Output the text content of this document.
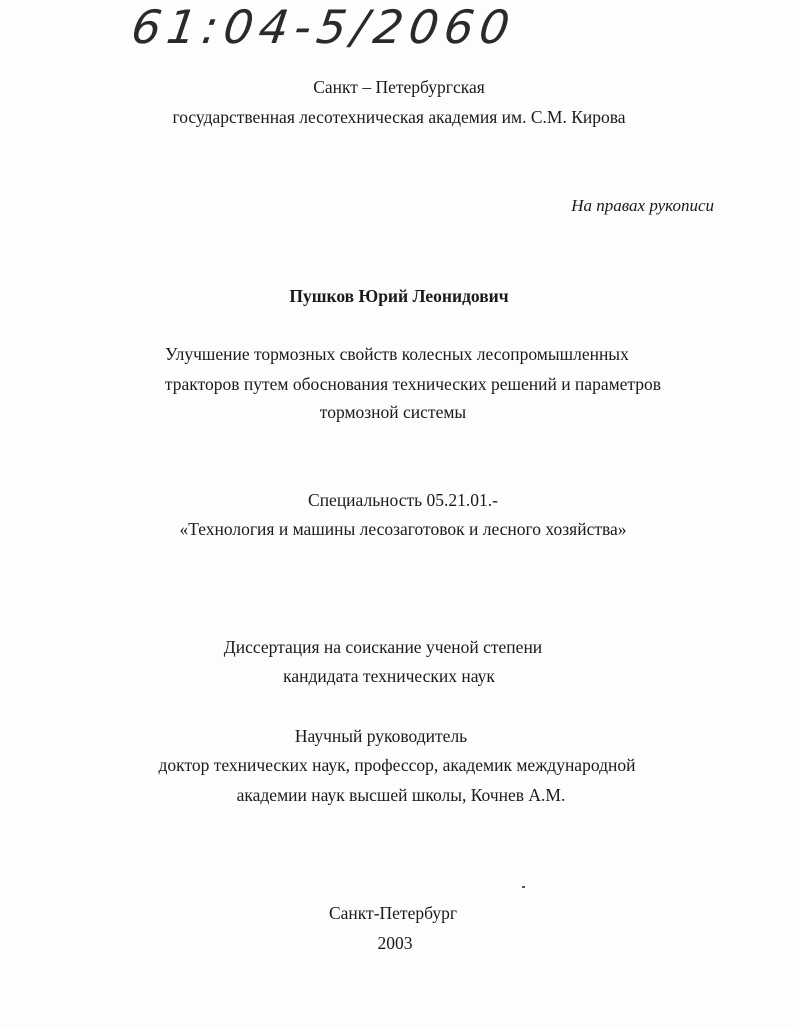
61:04-5/2060
Санкт – Петербургская
государственная лесотехническая академия им. С.М. Кирова
На правах рукописи
Пушков Юрий Леонидович
Улучшение тормозных свойств колесных лесопромышленных
тракторов путем обоснования технических решений и параметров
тормозной системы
Специальность 05.21.01.-
«Технология и машины лесозаготовок и лесного хозяйства»
Диссертация на соискание ученой степени
кандидата технических наук
Научный руководитель
доктор технических наук, профессор, академик международной
академии наук высшей школы, Кочнев А.М.
Санкт-Петербург
2003
